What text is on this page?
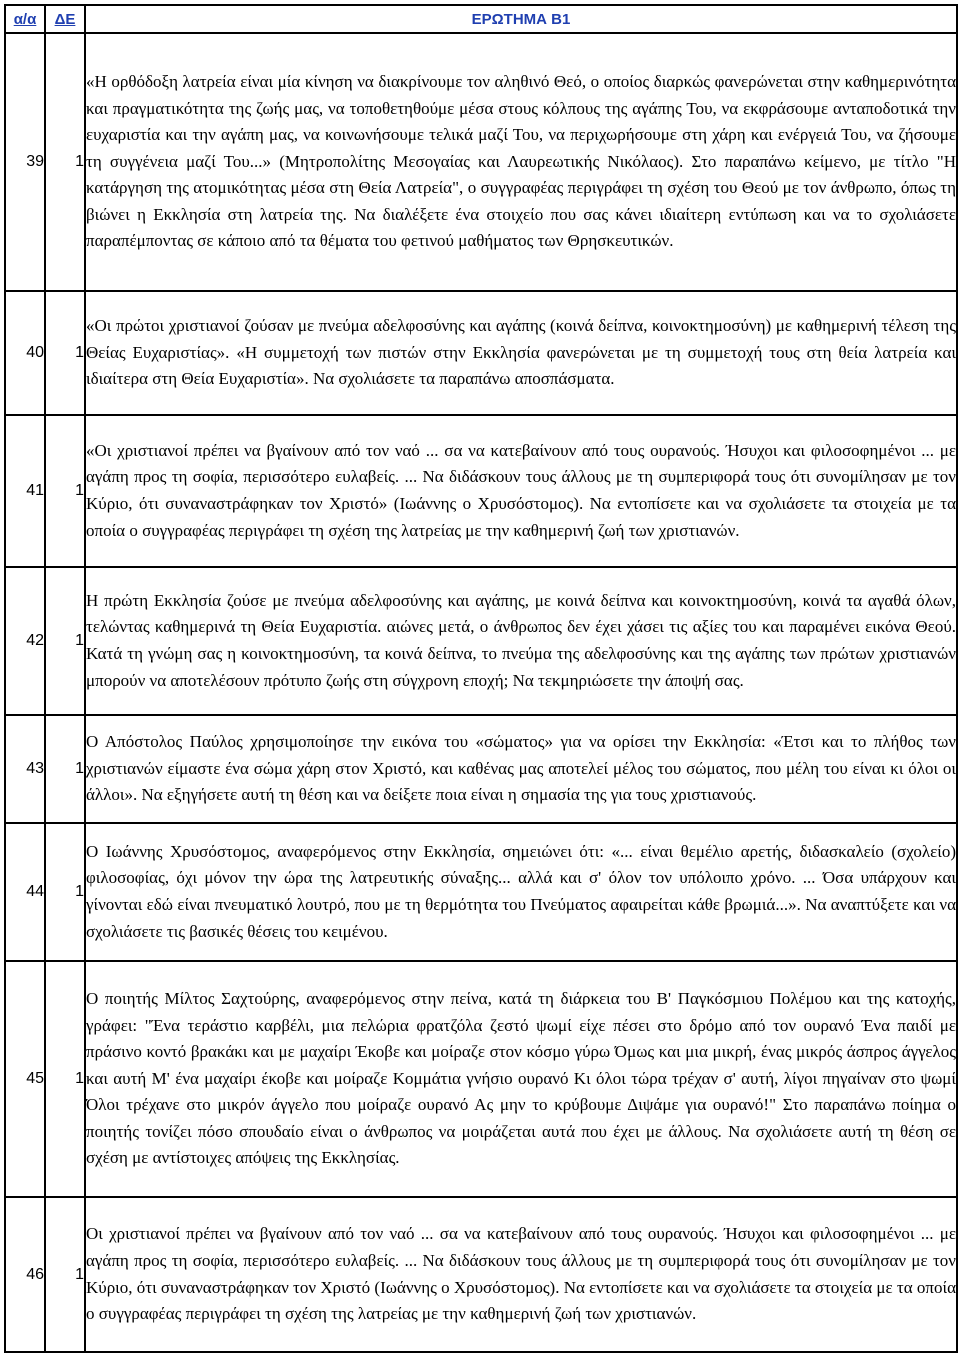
α/α	ΔΕ	ΕΡΩΤΗΜΑ Β1
39	1	«Η ορθόδοξη λατρεία είναι μία κίνηση να διακρίνουμε τον αληθινό Θεό, ο οποίος διαρκώς φανερώνεται στην καθημερινότητα και πραγματικότητα της ζωής μας, να τοποθετηθούμε μέσα στους κόλπους της αγάπης Του, να εκφράσουμε ανταποδοτικά την ευχαριστία και την αγάπη μας, να κοινωνήσουμε τελικά μαζί Του, να περιχωρήσουμε στη χάρη και ενέργειά Του, να ζήσουμε τη συγγένεια μαζί Του...» (Μητροπολίτης Μεσογαίας και Λαυρεωτικής Νικόλαος). Στο παραπάνω κείμενο, με τίτλο "Η κατάργηση της ατομικότητας μέσα στη Θεία Λατρεία", ο συγγραφέας περιγράφει τη σχέση του Θεού με τον άνθρωπο, όπως τη βιώνει η Εκκλησία στη λατρεία της. Να διαλέξετε ένα στοιχείο που σας κάνει ιδιαίτερη εντύπωση και να το σχολιάσετε παραπέμποντας σε κάποιο από τα θέματα του φετινού μαθήματος των Θρησκευτικών.

40	1	«Οι πρώτοι χριστιανοί ζούσαν με πνεύμα αδελφοσύνης και αγάπης (κοινά δείπνα, κοινοκτημοσύνη) με καθημερινή τέλεση της Θείας Ευχαριστίας». «Η συμμετοχή των πιστών στην Εκκλησία φανερώνεται με τη συμμετοχή τους στη θεία λατρεία και ιδιαίτερα στη Θεία Ευχαριστία». Να σχολιάσετε τα παραπάνω αποσπάσματα.

41	1	«Οι χριστιανοί πρέπει να βγαίνουν από τον ναό ... σα να κατεβαίνουν από τους ουρανούς. Ήσυχοι και φιλοσοφημένοι ... με αγάπη προς τη σοφία, περισσότερο ευλαβείς. ... Να διδάσκουν τους άλλους με τη συμπεριφορά τους ότι συνομίλησαν με τον Κύριο, ότι συναναστράφηκαν τον Χριστό» (Ιωάννης ο Χρυσόστομος). Να εντοπίσετε και να σχολιάσετε τα στοιχεία με τα οποία ο συγγραφέας περιγράφει τη σχέση της λατρείας με την καθημερινή ζωή των χριστιανών.

42	1	Η πρώτη Εκκλησία ζούσε με πνεύμα αδελφοσύνης και αγάπης, με κοινά δείπνα και κοινοκτημοσύνη, κοινά τα αγαθά όλων, τελώντας καθημερινά τη Θεία Ευχαριστία. αιώνες μετά, ο άνθρωπος δεν έχει χάσει τις αξίες του και παραμένει εικόνα Θεού. Κατά τη γνώμη σας η κοινοκτημοσύνη, τα κοινά δείπνα, το πνεύμα της αδελφοσύνης και της αγάπης των πρώτων χριστιανών μπορούν να αποτελέσουν πρότυπο ζωής στη σύγχρονη εποχή; Να τεκμηριώσετε την άποψή σας.

43	1	Ο Απόστολος Παύλος χρησιμοποίησε την εικόνα του «σώματος» για να ορίσει την Εκκλησία: «Έτσι και το πλήθος των χριστιανών είμαστε ένα σώμα χάρη στον Χριστό, και καθένας μας αποτελεί μέλος του σώματος, που μέλη του είναι κι όλοι οι άλλοι». Να εξηγήσετε αυτή τη θέση και να δείξετε ποια είναι η σημασία της για τους χριστιανούς.

44	1	Ο Ιωάννης Χρυσόστομος, αναφερόμενος στην Εκκλησία, σημειώνει ότι: «... είναι θεμέλιο αρετής, διδασκαλείο (σχολείο) φιλοσοφίας, όχι μόνον την ώρα της λατρευτικής σύναξης... αλλά και σ' όλον τον υπόλοιπο χρόνο. ... Όσα υπάρχουν και γίνονται εδώ είναι πνευματικό λουτρό, που με τη θερμότητα του Πνεύματος αφαιρείται κάθε βρωμιά...». Να αναπτύξετε και να σχολιάσετε τις βασικές θέσεις του κειμένου.

45	1	Ο ποιητής Μίλτος Σαχτούρης, αναφερόμενος στην πείνα, κατά τη διάρκεια του Β' Παγκόσμιου Πολέμου και της κατοχής, γράφει: "Ένα τεράστιο καρβέλι, μια πελώρια φρατζόλα ζεστό ψωμί είχε πέσει στο δρόμο από τον ουρανό Ένα παιδί με πράσινο κοντό βρακάκι και με μαχαίρι Έκοβε και μοίραζε στον κόσμο γύρω Όμως και μια μικρή, ένας μικρός άσπρος άγγελος και αυτή Μ' ένα μαχαίρι έκοβε και μοίραζε Κομμάτια γνήσιο ουρανό Κι όλοι τώρα τρέχαν σ' αυτή, λίγοι πηγαίναν στο ψωμί Όλοι τρέχανε στο μικρόν άγγελο που μοίραζε ουρανό Ας μην το κρύβουμε Διψάμε για ουρανό!" Στο παραπάνω ποίημα ο ποιητής τονίζει πόσο σπουδαίο είναι ο άνθρωπος να μοιράζεται αυτά που έχει με άλλους. Να σχολιάσετε αυτή τη θέση σε σχέση με αντίστοιχες απόψεις της Εκκλησίας.

46	1	Οι χριστιανοί πρέπει να βγαίνουν από τον ναό ... σα να κατεβαίνουν από τους ουρανούς. Ήσυχοι και φιλοσοφημένοι ... με αγάπη προς τη σοφία, περισσότερο ευλαβείς. ... Να διδάσκουν τους άλλους με τη συμπεριφορά τους ότι συνομίλησαν με τον Κύριο, ότι συναναστράφηκαν τον Χριστό (Ιωάννης ο Χρυσόστομος). Να εντοπίσετε και να σχολιάσετε τα στοιχεία με τα οποία ο συγγραφέας περιγράφει τη σχέση της λατρείας με την καθημερινή ζωή των χριστιανών.
